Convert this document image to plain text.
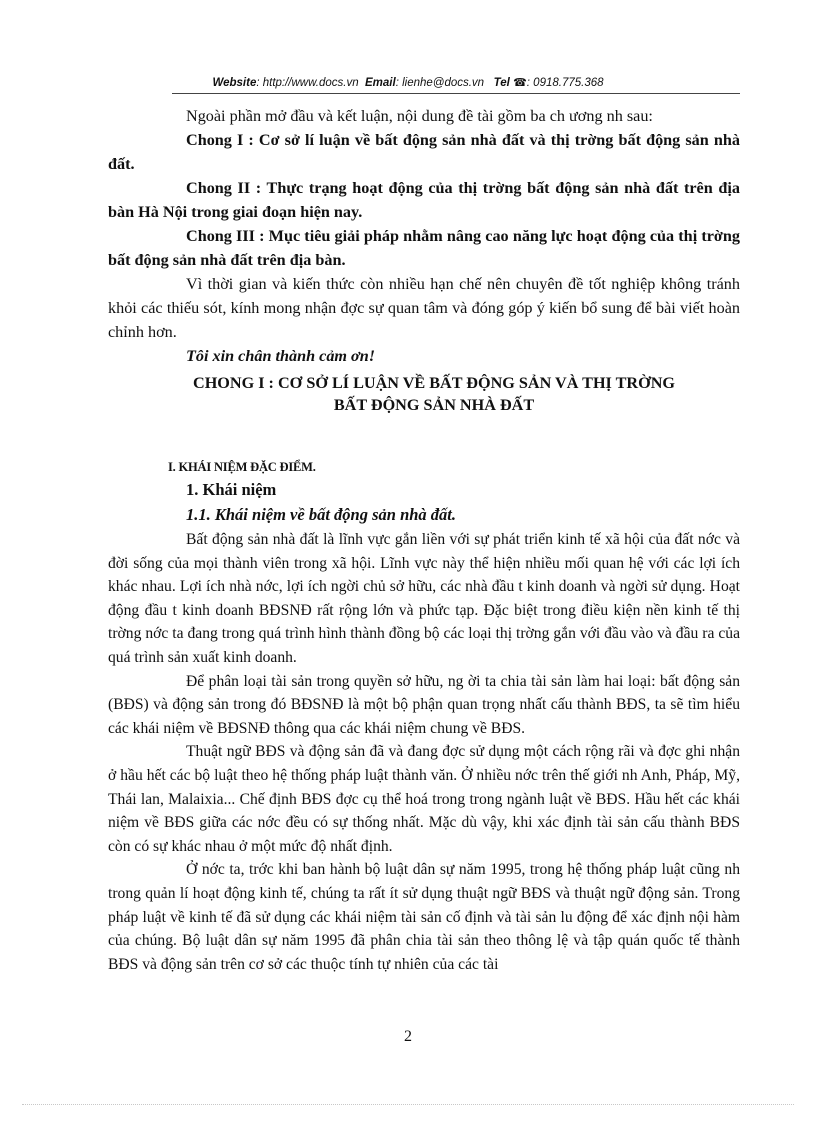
Website: http://www.docs.vn Email: lienhe@docs.vn Tel ☎: 0918.775.368

Ngoài phần mở đầu và kết luận, nội dung đề tài gồm ba ch ương nh sau:

Chong I : Cơ sở lí luận về bất động sản nhà đất và thị trờng bất động sản nhà đất.

Chong II : Thực trạng hoạt động của thị trờng bất động sản nhà đất trên địa bàn Hà Nội trong giai đoạn hiện nay.

Chong III : Mục tiêu giải pháp nhằm nâng cao năng lực hoạt động của thị trờng bất động sản nhà đất trên địa bàn.

Vì thời gian và kiến thức còn nhiều hạn chế nên chuyên đề tốt nghiệp không tránh khỏi các thiếu sót, kính mong nhận đợc sự quan tâm và đóng góp ý kiến bổ sung để bài viết hoàn chỉnh hơn.

Tôi xin chân thành cảm ơn!

CHONG I : CƠ SỞ LÍ LUẬN VỀ BẤT ĐỘNG SẢN VÀ THỊ TRỜNG
BẤT ĐỘNG SẢN NHÀ ĐẤT
I. KHÁI NIỆM ĐẶC ĐIỂM.
1. Khái niệm
1.1. Khái niệm về bất động sản nhà đất.

Bất động sản nhà đất là lĩnh vực gắn liền với sự phát triển kinh tế xã hội của đất nớc và đời sống của mọi thành viên trong xã hội. Lĩnh vực này thể hiện nhiều mối quan hệ với các lợi ích khác nhau. Lợi ích nhà nớc, lợi ích ngời chủ sở hữu, các nhà đầu t kinh doanh và ngời sử dụng. Hoạt động đầu t kinh doanh BĐSNĐ rất rộng lớn và phức tạp. Đặc biệt trong điều kiện nền kinh tế thị trờng nớc ta đang trong quá trình hình thành đồng bộ các loại thị trờng gắn với đầu vào và đầu ra của quá trình sản xuất kinh doanh.

Để phân loại tài sản trong quyền sở hữu, ng ời ta chia tài sản làm hai loại: bất động sản (BĐS) và động sản trong đó BĐSNĐ là một bộ phận quan trọng nhất cấu thành BĐS, ta sẽ tìm hiểu các khái niệm về BĐSNĐ thông qua các khái niệm chung về BĐS.

Thuật ngữ BĐS và động sản đã và đang đợc sử dụng một cách rộng rãi và đợc ghi nhận ở hầu hết các bộ luật theo hệ thống pháp luật thành văn. Ở nhiều nớc trên thế giới nh Anh, Pháp, Mỹ, Thái lan, Malaixia... Chế định BĐS đợc cụ thể hoá trong trong ngành luật về BĐS. Hầu hết các khái niệm về BĐS giữa các nớc đều có sự thống nhất. Mặc dù vậy, khi xác định tài sản cấu thành BĐS còn có sự khác nhau ở một mức độ nhất định.

Ở nớc ta, trớc khi ban hành bộ luật dân sự năm 1995, trong hệ thống pháp luật cũng nh trong quản lí hoạt động kinh tế, chúng ta rất ít sử dụng thuật ngữ BĐS và thuật ngữ động sản. Trong pháp luật về kinh tế đã sử dụng các khái niệm tài sản cố định và tài sản lu động để xác định nội hàm của chúng. Bộ luật dân sự năm 1995 đã phân chia tài sản theo thông lệ và tập quán quốc tế thành BĐS và động sản trên cơ sở các thuộc tính tự nhiên của các tài

2
